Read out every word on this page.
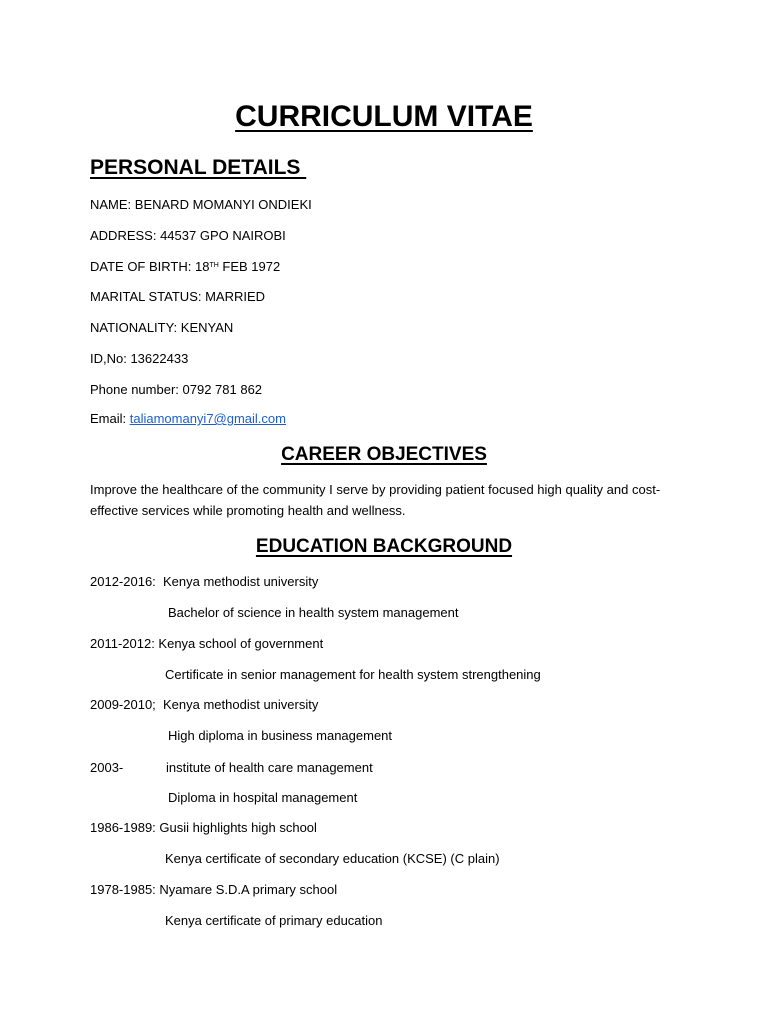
CURRICULUM VITAE
PERSONAL DETAILS
NAME: BENARD MOMANYI ONDIEKI
ADDRESS: 44537 GPO NAIROBI
DATE OF BIRTH: 18TH FEB 1972
MARITAL STATUS: MARRIED
NATIONALITY: KENYAN
ID,No: 13622433
Phone number: 0792 781 862
Email: taliamomanyi7@gmail.com
CAREER OBJECTIVES
Improve the healthcare of the community I serve by providing patient focused high quality and cost-effective services while promoting health and wellness.
EDUCATION BACKGROUND
2012-2016:  Kenya methodist university
Bachelor of science in health system management
2011-2012: Kenya school of government
Certificate in senior management for health system strengthening
2009-2010;  Kenya methodist university
High diploma in business management
2003-	institute of health care management
Diploma in hospital management
1986-1989: Gusii highlights high school
Kenya certificate of secondary education (KCSE) (C plain)
1978-1985: Nyamare S.D.A primary school
Kenya certificate of primary education
